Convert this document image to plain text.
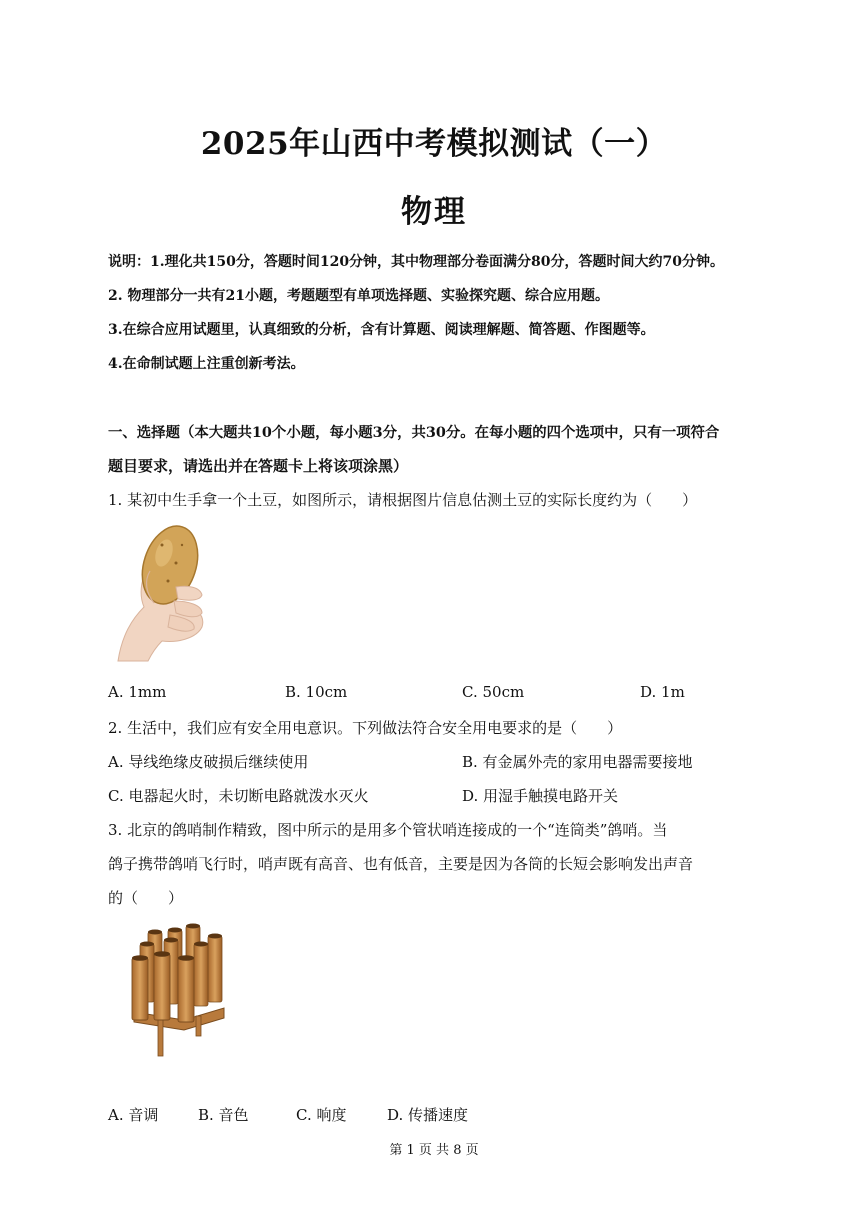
2025年山西中考模拟测试（一）
物理
说明：1.理化共150分，答题时间120分钟，其中物理部分卷面满分80分，答题时间大约70分钟。
2. 物理部分一共有21小题，考题题型有单项选择题、实验探究题、综合应用题。
3.在综合应用试题里，认真细致的分析，含有计算题、阅读理解题、简答题、作图题等。
4.在命制试题上注重创新考法。
一、选择题（本大题共10个小题，每小题3分，共30分。在每小题的四个选项中，只有一项符合
题目要求，请选出并在答题卡上将该项涂黑）
1. 某初中生手拿一个土豆，如图所示，请根据图片信息估测土豆的实际长度约为（　　）
A. 1mm	B. 10cm	C. 50cm	D. 1m
2. 生活中，我们应有安全用电意识。下列做法符合安全用电要求的是（　　）
A. 导线绝缘皮破损后继续使用	B. 有金属外壳的家用电器需要接地
C. 电器起火时，未切断电路就泼水灭火	D. 用湿手触摸电路开关
3. 北京的鸽哨制作精致，图中所示的是用多个管状哨连接成的一个“连筒类”鸽哨。当
鸽子携带鸽哨飞行时，哨声既有高音、也有低音，主要是因为各筒的长短会影响发出声音
的（　　）
A. 音调	B. 音色	C. 响度	D. 传播速度
第 1 页 共 8 页
